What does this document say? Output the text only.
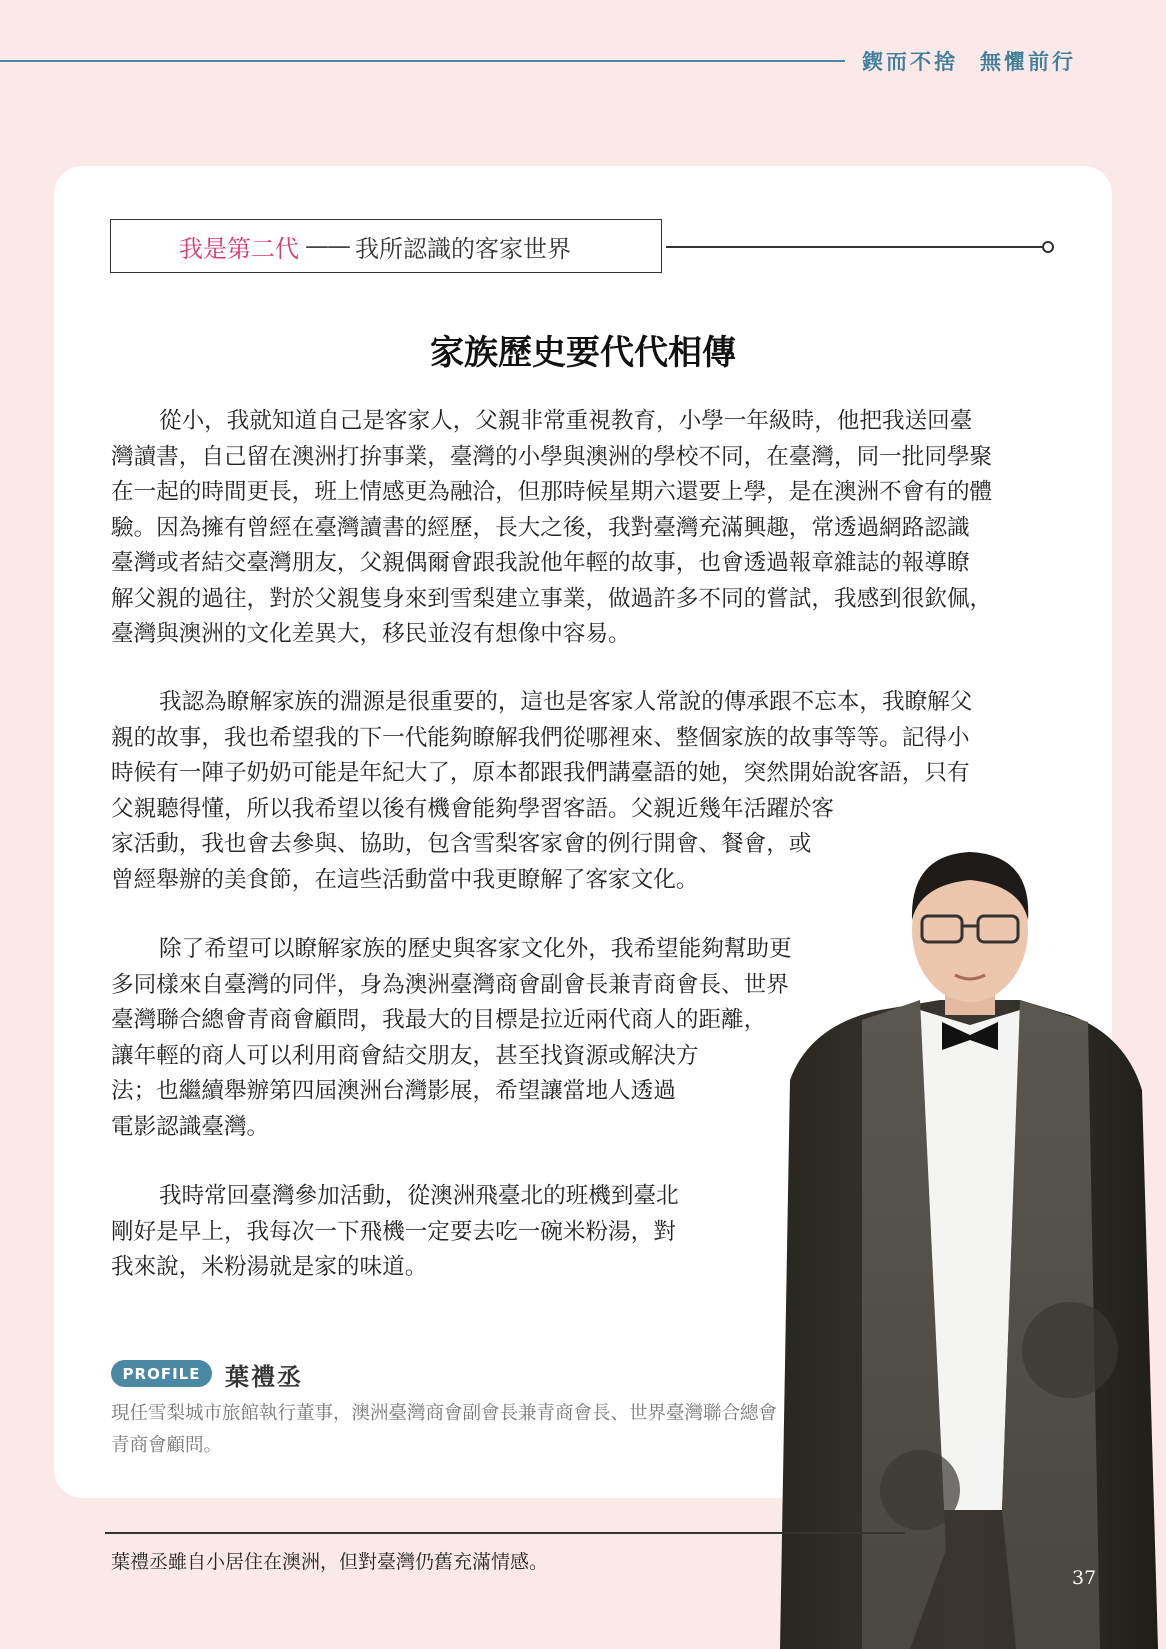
鍥而不捨 無懼前行
我是第二代 —— 我所認識的客家世界
家族歷史要代代相傳

從小，我就知道自己是客家人，父親非常重視教育，小學一年級時，他把我送回臺
灣讀書，自己留在澳洲打拚事業，臺灣的小學與澳洲的學校不同，在臺灣，同一批同學聚
在一起的時間更長，班上情感更為融洽，但那時候星期六還要上學，是在澳洲不會有的體
驗。因為擁有曾經在臺灣讀書的經歷，長大之後，我對臺灣充滿興趣，常透過網路認識
臺灣或者結交臺灣朋友，父親偶爾會跟我說他年輕的故事，也會透過報章雜誌的報導瞭
解父親的過往，對於父親隻身來到雪梨建立事業，做過許多不同的嘗試，我感到很欽佩，
臺灣與澳洲的文化差異大，移民並沒有想像中容易。

我認為瞭解家族的淵源是很重要的，這也是客家人常說的傳承跟不忘本，我瞭解父
親的故事，我也希望我的下一代能夠瞭解我們從哪裡來、整個家族的故事等等。記得小
時候有一陣子奶奶可能是年紀大了，原本都跟我們講臺語的她，突然開始說客語，只有
父親聽得懂，所以我希望以後有機會能夠學習客語。父親近幾年活躍於客
家活動，我也會去參與、協助，包含雪梨客家會的例行開會、餐會，或
曾經舉辦的美食節，在這些活動當中我更瞭解了客家文化。

除了希望可以瞭解家族的歷史與客家文化外，我希望能夠幫助更
多同樣來自臺灣的同伴，身為澳洲臺灣商會副會長兼青商會長、世界
臺灣聯合總會青商會顧問，我最大的目標是拉近兩代商人的距離，
讓年輕的商人可以利用商會結交朋友，甚至找資源或解決方
法；也繼續舉辦第四屆澳洲台灣影展，希望讓當地人透過
電影認識臺灣。

我時常回臺灣參加活動，從澳洲飛臺北的班機到臺北
剛好是早上，我每次一下飛機一定要去吃一碗米粉湯，對
我來說，米粉湯就是家的味道。

PROFILE	葉禮丞
現任雪梨城市旅館執行董事，澳洲臺灣商會副會長兼青商會長、世界臺灣聯合總會青商會顧問。
葉禮丞雖自小居住在澳洲，但對臺灣仍舊充滿情感。
37
